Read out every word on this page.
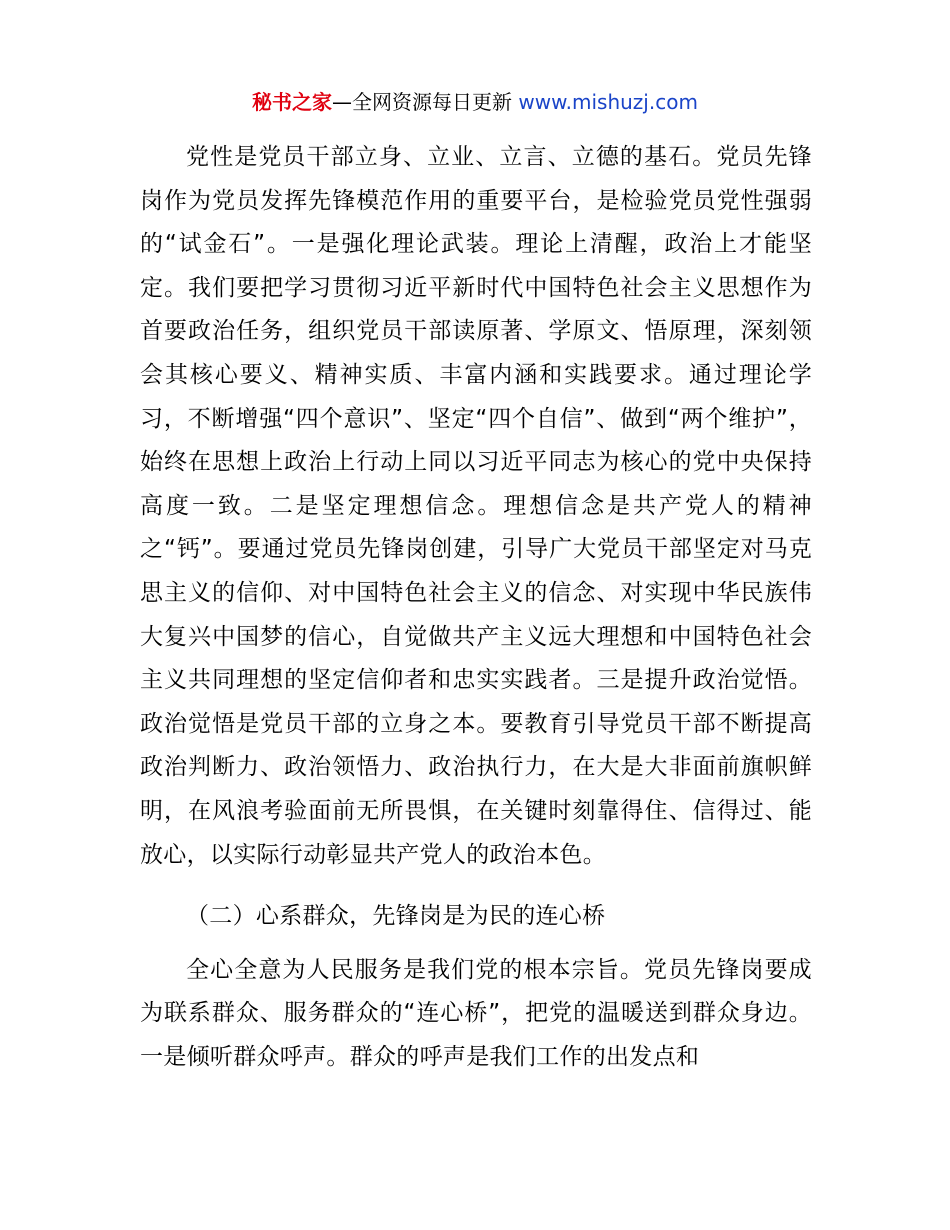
秘书之家—全网资源每日更新 www.mishuzj.com

党性是党员干部立身、立业、立言、立德的基石。党员先锋岗作为党员发挥先锋模范作用的重要平台，是检验党员党性强弱的“试金石”。一是强化理论武装。理论上清醒，政治上才能坚定。我们要把学习贯彻习近平新时代中国特色社会主义思想作为首要政治任务，组织党员干部读原著、学原文、悟原理，深刻领会其核心要义、精神实质、丰富内涵和实践要求。通过理论学习，不断增强“四个意识”、坚定“四个自信”、做到“两个维护”，始终在思想上政治上行动上同以习近平同志为核心的党中央保持高度一致。二是坚定理想信念。理想信念是共产党人的精神之“钙”。要通过党员先锋岗创建，引导广大党员干部坚定对马克思主义的信仰、对中国特色社会主义的信念、对实现中华民族伟大复兴中国梦的信心，自觉做共产主义远大理想和中国特色社会主义共同理想的坚定信仰者和忠实实践者。三是提升政治觉悟。政治觉悟是党员干部的立身之本。要教育引导党员干部不断提高政治判断力、政治领悟力、政治执行力，在大是大非面前旗帜鲜明，在风浪考验面前无所畏惧，在关键时刻靠得住、信得过、能放心，以实际行动彰显共产党人的政治本色。

（二）心系群众，先锋岗是为民的连心桥

全心全意为人民服务是我们党的根本宗旨。党员先锋岗要成为联系群众、服务群众的“连心桥”，把党的温暖送到群众身边。一是倾听群众呼声。群众的呼声是我们工作的出发点和
